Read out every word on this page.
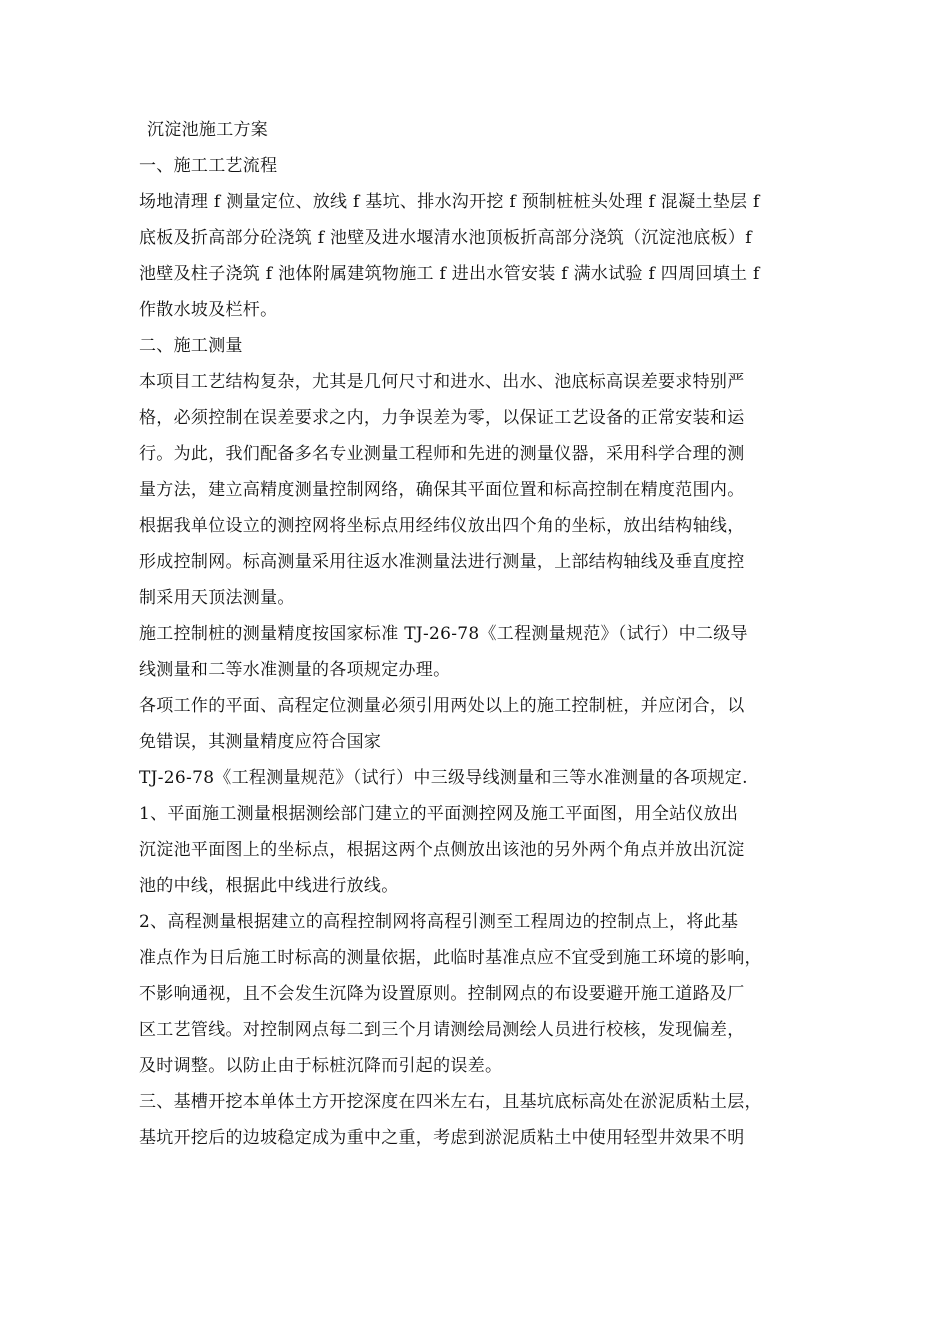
沉淀池施工方案
一、施工工艺流程
场地清理 f 测量定位、放线 f 基坑、排水沟开挖 f 预制桩桩头处理 f 混凝土垫层 f
底板及折高部分砼浇筑 f 池壁及进水堰清水池顶板折高部分浇筑（沉淀池底板）f
池壁及柱子浇筑 f 池体附属建筑物施工 f 进出水管安装 f 满水试验 f 四周回填土 f
作散水坡及栏杆。
二、施工测量
本项目工艺结构复杂，尤其是几何尺寸和进水、出水、池底标高误差要求特别严
格，必须控制在误差要求之内，力争误差为零，以保证工艺设备的正常安装和运
行。为此，我们配备多名专业测量工程师和先进的测量仪器，采用科学合理的测
量方法，建立高精度测量控制网络，确保其平面位置和标高控制在精度范围内。
根据我单位设立的测控网将坐标点用经纬仪放出四个角的坐标，放出结构轴线，
形成控制网。标高测量采用往返水准测量法进行测量，上部结构轴线及垂直度控
制采用天顶法测量。
施工控制桩的测量精度按国家标准 TJ-26-78《工程测量规范》（试行）中二级导
线测量和二等水准测量的各项规定办理。
各项工作的平面、高程定位测量必须引用两处以上的施工控制桩，并应闭合，以
免错误，其测量精度应符合国家
TJ-26-78《工程测量规范》（试行）中三级导线测量和三等水准测量的各项规定.
1、平面施工测量根据测绘部门建立的平面测控网及施工平面图，用全站仪放出
沉淀池平面图上的坐标点，根据这两个点侧放出该池的另外两个角点并放出沉淀
池的中线，根据此中线进行放线。
2、高程测量根据建立的高程控制网将高程引测至工程周边的控制点上，将此基
准点作为日后施工时标高的测量依据，此临时基准点应不宜受到施工环境的影响，
不影响通视，且不会发生沉降为设置原则。控制网点的布设要避开施工道路及厂
区工艺管线。对控制网点每二到三个月请测绘局测绘人员进行校核，发现偏差，
及时调整。以防止由于标桩沉降而引起的误差。
三、基槽开挖本单体土方开挖深度在四米左右，且基坑底标高处在淤泥质粘土层，
基坑开挖后的边坡稳定成为重中之重，考虑到淤泥质粘土中使用轻型井效果不明
